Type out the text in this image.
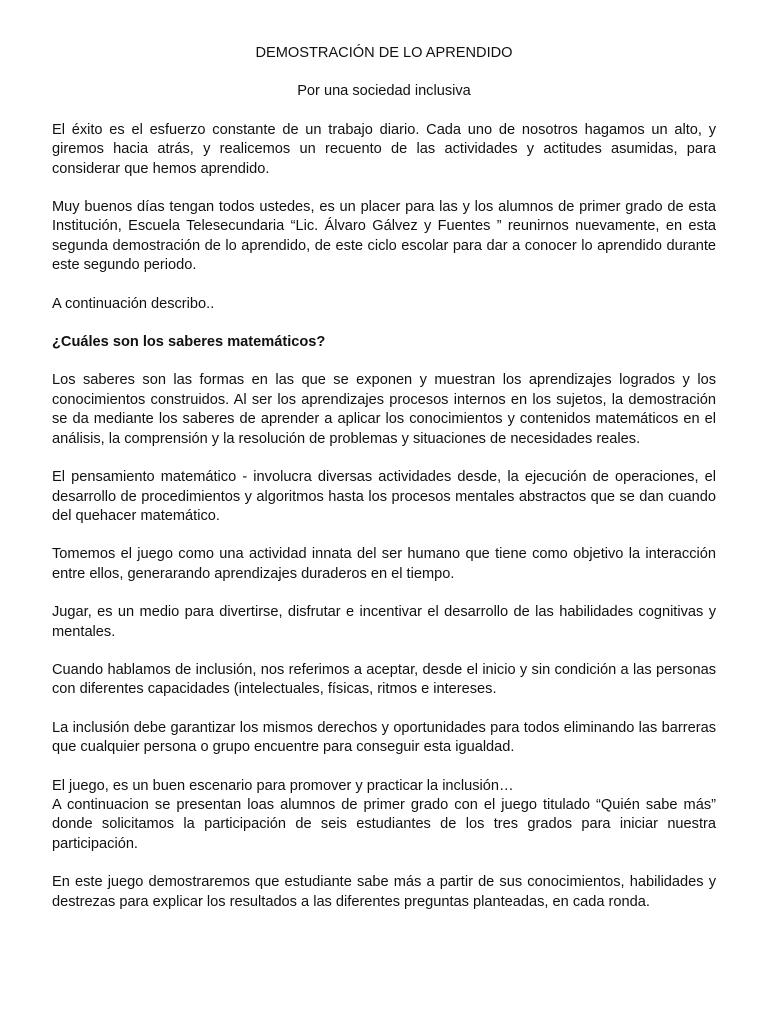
DEMOSTRACIÓN DE LO APRENDIDO

Por una sociedad inclusiva

El éxito es el esfuerzo constante de un trabajo diario. Cada uno de nosotros hagamos un alto, y giremos hacia atrás, y realicemos un recuento de las actividades y actitudes asumidas, para considerar que hemos aprendido.

Muy buenos días tengan todos ustedes, es un placer para las y los alumnos de primer grado de esta Institución, Escuela Telesecundaria “Lic. Álvaro Gálvez y Fuentes ” reunirnos nuevamente, en esta segunda demostración de lo aprendido, de este ciclo escolar para dar a conocer lo aprendido durante este segundo periodo.

A continuación describo..

¿Cuáles son los saberes matemáticos?

Los saberes son las formas en las que se exponen y muestran los aprendizajes logrados y los conocimientos construidos. Al ser los aprendizajes procesos internos en los sujetos, la demostración se da mediante los saberes de aprender a aplicar los conocimientos y contenidos matemáticos en el análisis, la comprensión y la resolución de problemas y situaciones de necesidades reales.

El pensamiento matemático - involucra diversas actividades desde, la ejecución de operaciones, el desarrollo de procedimientos y algoritmos hasta los procesos mentales abstractos que se dan cuando del quehacer matemático.

Tomemos el juego como una actividad innata del ser humano que tiene como objetivo la interacción entre ellos, generarando aprendizajes duraderos en el tiempo.

Jugar, es un medio para divertirse, disfrutar e incentivar el desarrollo de las habilidades cognitivas y mentales.

Cuando hablamos de inclusión, nos referimos a aceptar, desde el inicio y sin condición a las personas con diferentes capacidades (intelectuales, físicas, ritmos e intereses.

La inclusión debe garantizar los mismos derechos y oportunidades para todos eliminando las barreras que cualquier persona o grupo encuentre para conseguir esta igualdad.

El juego, es un buen escenario para promover y practicar la inclusión…

A continuacion se presentan loas alumnos de primer grado con el juego titulado “Quién sabe más” donde solicitamos la participación de seis estudiantes de los tres grados para iniciar nuestra participación.

En este juego demostraremos que estudiante sabe más a partir de sus conocimientos, habilidades y destrezas para explicar los resultados a las diferentes preguntas planteadas, en cada ronda.
